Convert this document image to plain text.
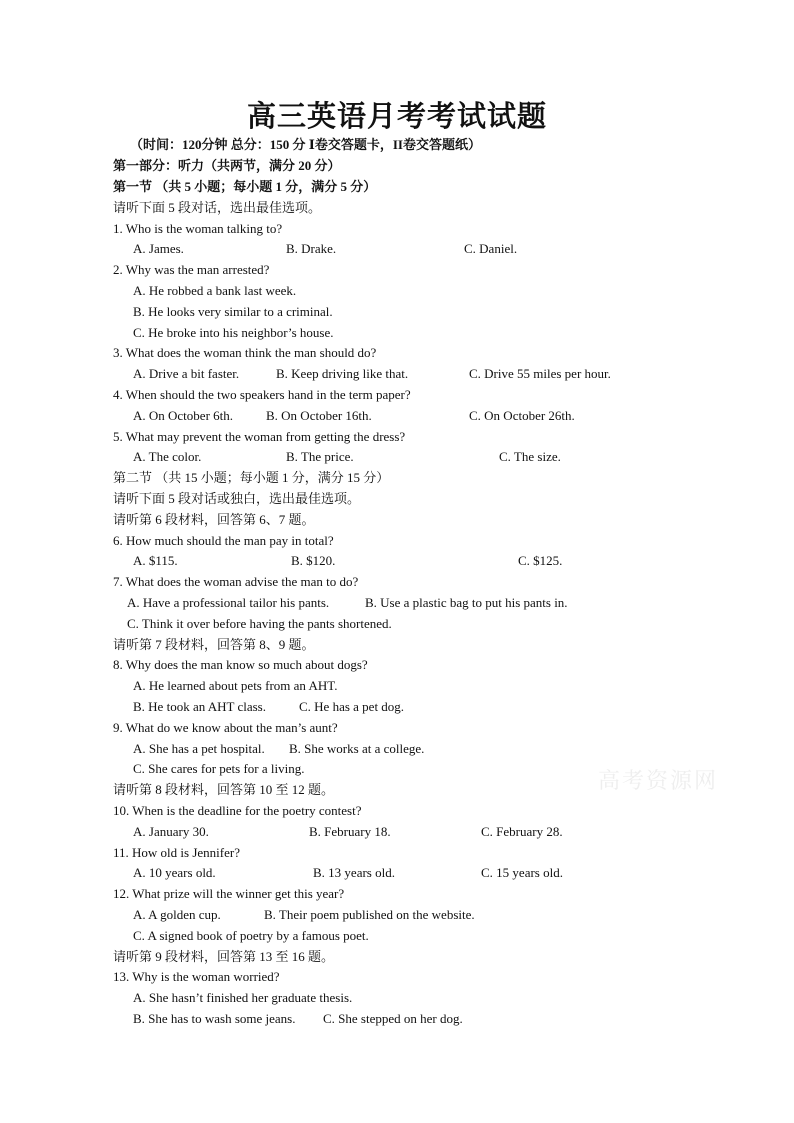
高三英语月考考试试题
（时间：120分钟 总分：150 分 Ⅰ卷交答题卡，II卷交答题纸）
第一部分：听力（共两节，满分 20 分）
第一节 （共 5 小题；每小题 1 分，满分 5 分）
请听下面 5 段对话，选出最佳选项。
1. Who is the woman talking to?
A. James.	B. Drake.	C. Daniel.
2. Why was the man arrested?
A. He robbed a bank last week.
B. He looks very similar to a criminal.
C. He broke into his neighbor’s house.
3. What does the woman think the man should do?
A. Drive a bit faster.	B. Keep driving like that.	C. Drive 55 miles per hour.
4. When should the two speakers hand in the term paper?
A. On October 6th.	B. On October 16th.	C. On October 26th.
5. What may prevent the woman from getting the dress?
A. The color.	B. The price.	C. The size.
第二节 （共 15 小题；每小题 1 分，满分 15 分）
请听下面 5 段对话或独白，选出最佳选项。
请听第 6 段材料，回答第 6、7 题。
6. How much should the man pay in total?
A. $115.	B. $120.	C. $125.
7. What does the woman advise the man to do?
A. Have a professional tailor his pants.	B. Use a plastic bag to put his pants in.
C. Think it over before having the pants shortened.
请听第 7 段材料，回答第 8、9 题。
8. Why does the man know so much about dogs?
A. He learned about pets from an AHT.
B. He took an AHT class.	C. He has a pet dog.
9. What do we know about the man’s aunt?
A. She has a pet hospital. B. She works at a college.
C. She cares for pets for a living.
请听第 8 段材料，回答第 10 至 12 题。
10. When is the deadline for the poetry contest?
A. January 30.	B. February 18.	C. February 28.
11. How old is Jennifer?
A. 10 years old.	B. 13 years old.	C. 15 years old.
12. What prize will the winner get this year?
A. A golden cup.	B. Their poem published on the website.
C. A signed book of poetry by a famous poet.
请听第 9 段材料，回答第 13 至 16 题。
13. Why is the woman worried?
A. She hasn’t finished her graduate thesis.
B. She has to wash some jeans. C. She stepped on her dog.
高考资源网
